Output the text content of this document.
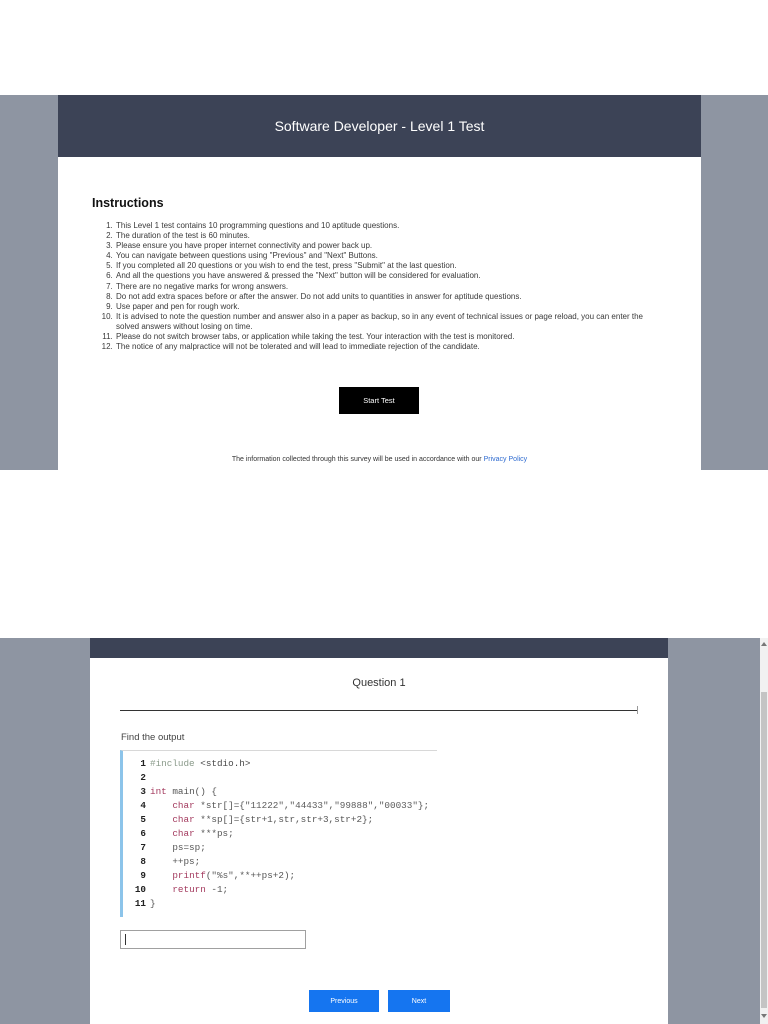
Software Developer - Level 1 Test
Instructions
1. This Level 1 test contains 10 programming questions and 10 aptitude questions.
2. The duration of the test is 60 minutes.
3. Please ensure you have proper internet connectivity and power back up.
4. You can navigate between questions using "Previous" and "Next" Buttons.
5. If you completed all 20 questions or you wish to end the test, press "Submit" at the last question.
6. And all the questions you have answered & pressed the "Next" button will be considered for evaluation.
7. There are no negative marks for wrong answers.
8. Do not add extra spaces before or after the answer. Do not add units to quantities in answer for aptitude questions.
9. Use paper and pen for rough work.
10. It is advised to note the question number and answer also in a paper as backup, so in any event of technical issues or page reload, you can enter the solved answers without losing on time.
11. Please do not switch browser tabs, or application while taking the test. Your interaction with the test is monitored.
12. The notice of any malpractice will not be tolerated and will lead to immediate rejection of the candidate.
Start Test
The information collected through this survey will be used in accordance with our Privacy Policy
Question 1
Find the output
1 #include <stdio.h>
2
3 int main() {
4	char *str[]={"11222","44433","99888","00033"};
5	char **sp[]={str+1,str,str+3,str+2};
6	char ***ps;
7 ps=sp;
8 ++ps;
9	printf("%s",**++ps+2);
10	return -1;
11 }
Previous	Next
